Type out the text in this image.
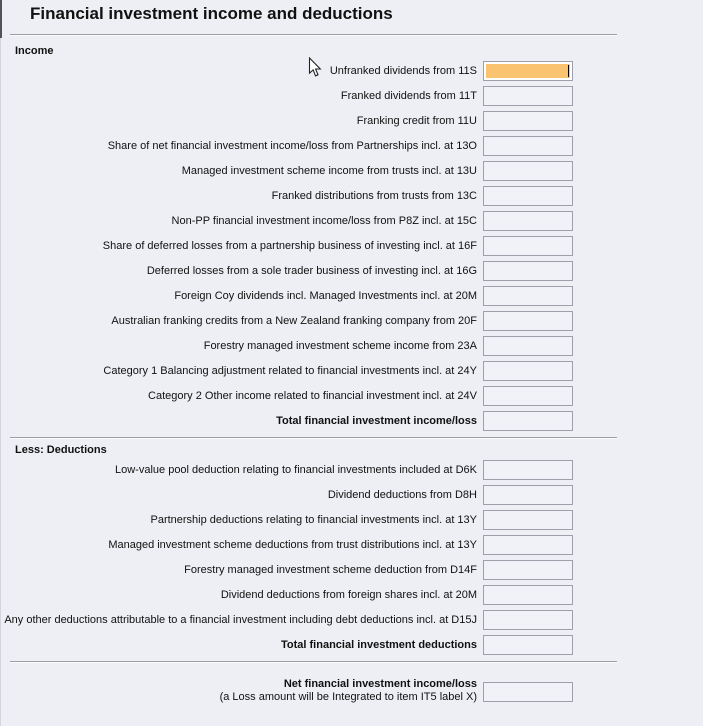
Financial investment income and deductions
Income
Unfranked dividends from 11S
Franked dividends from 11T
Franking credit from 11U
Share of net financial investment income/loss from Partnerships incl. at 13O
Managed investment scheme income from trusts incl. at 13U
Franked distributions from trusts from 13C
Non-PP financial investment income/loss from P8Z incl. at 15C
Share of deferred losses from a partnership business of investing incl. at 16F
Deferred losses from a sole trader business of investing incl. at 16G
Foreign Coy dividends incl. Managed Investments incl. at 20M
Australian franking credits from a New Zealand franking company from 20F
Forestry managed investment scheme income from 23A
Category 1 Balancing adjustment related to financial investments incl. at 24Y
Category 2 Other income related to financial investment incl. at 24V
Total financial investment income/loss
Less: Deductions
Low-value pool deduction relating to financial investments included at D6K
Dividend deductions from D8H
Partnership deductions relating to financial investments incl. at 13Y
Managed investment scheme deductions from trust distributions incl. at 13Y
Forestry managed investment scheme deduction from D14F
Dividend deductions from foreign shares incl. at 20M
Any other deductions attributable to a financial investment including debt deductions incl. at D15J
Total financial investment deductions
Net financial investment income/loss
(a Loss amount will be Integrated to item IT5 label X)
